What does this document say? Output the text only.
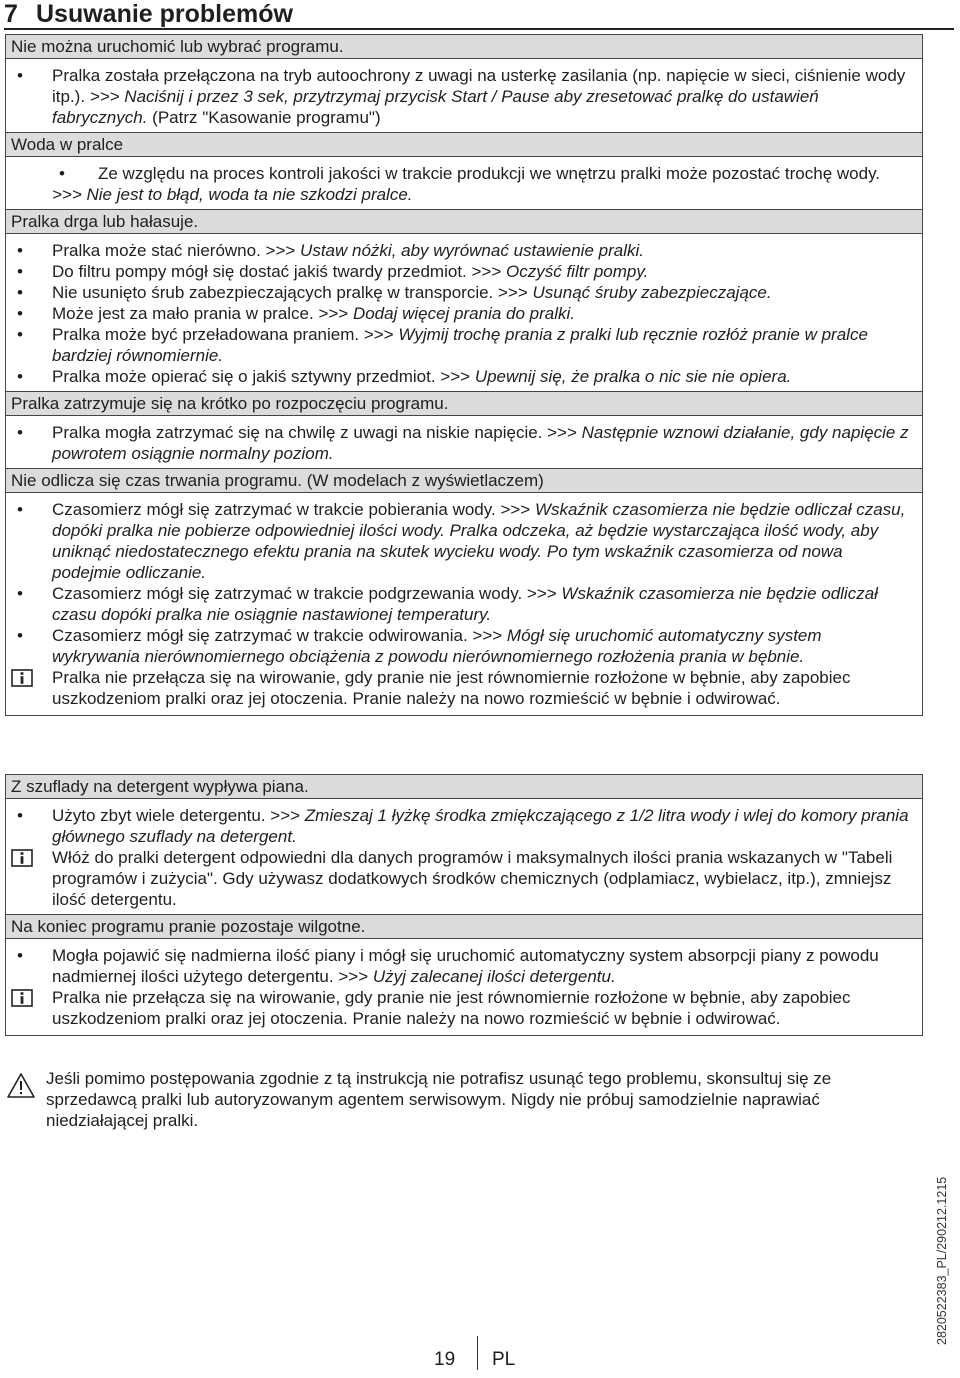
7 Usuwanie problemów
Nie można uruchomić lub wybrać programu.
• Pralka została przełączona na tryb autoochrony z uwagi na usterkę zasilania (np. napięcie w sieci, ciśnienie wody itp.). >>> Naciśnij i przez 3 sek, przytrzymaj przycisk Start / Pause aby zresetować pralkę do ustawień fabrycznych. (Patrz "Kasowanie programu")
Woda w pralce
• Ze względu na proces kontroli jakości w trakcie produkcji we wnętrzu pralki może pozostać trochę wody. >>> Nie jest to błąd, woda ta nie szkodzi pralce.
Pralka drga lub hałasuje.
• Pralka może stać nierówno. >>> Ustaw nóżki, aby wyrównać ustawienie pralki.
• Do filtru pompy mógł się dostać jakiś twardy przedmiot. >>> Oczyść filtr pompy.
• Nie usunięto śrub zabezpieczających pralkę w transporcie. >>> Usunąć śruby zabezpieczające.
• Może jest za mało prania w pralce. >>> Dodaj więcej prania do pralki.
• Pralka może być przeładowana praniem. >>> Wyjmij trochę prania z pralki lub ręcznie rozłóż pranie w pralce bardziej równomiernie.
• Pralka może opierać się o jakiś sztywny przedmiot. >>> Upewnij się, że pralka o nic sie nie opiera.
Pralka zatrzymuje się na krótko po rozpoczęciu programu.
• Pralka mogła zatrzymać się na chwilę z uwagi na niskie napięcie. >>> Następnie wznowi działanie, gdy napięcie z powrotem osiągnie normalny poziom.
Nie odlicza się czas trwania programu. (W modelach z wyświetlaczem)
• Czasomierz mógł się zatrzymać w trakcie pobierania wody. >>> Wskaźnik czasomierza nie będzie odliczał czasu, dopóki pralka nie pobierze odpowiedniej ilości wody. Pralka odczeka, aż będzie wystarczająca ilość wody, aby uniknąć niedostatecznego efektu prania na skutek wycieku wody. Po tym wskaźnik czasomierza od nowa podejmie odliczanie.
• Czasomierz mógł się zatrzymać w trakcie podgrzewania wody. >>> Wskaźnik czasomierza nie będzie odliczał czasu dopóki pralka nie osiągnie nastawionej temperatury.
• Czasomierz mógł się zatrzymać w trakcie odwirowania. >>> Mógł się uruchomić automatyczny system wykrywania nierównomiernego obciążenia z powodu nierównomiernego rozłożenia prania w bębnie.
Pralka nie przełącza się na wirowanie, gdy pranie nie jest równomiernie rozłożone w bębnie, aby zapobiec uszkodzeniom pralki oraz jej otoczenia. Pranie należy na nowo rozmieścić w bębnie i odwirować.
Z szuflady na detergent wypływa piana.
• Użyto zbyt wiele detergentu. >>> Zmieszaj 1 łyżkę środka zmiękczającego z 1/2 litra wody i wlej do komory prania głównego szuflady na detergent.
Włóż do pralki detergent odpowiedni dla danych programów i maksymalnych ilości prania wskazanych w "Tabeli programów i zużycia". Gdy używasz dodatkowych środków chemicznych (odplamiacz, wybielacz, itp.), zmniejsz ilość detergentu.
Na koniec programu pranie pozostaje wilgotne.
• Mogła pojawić się nadmierna ilość piany i mógł się uruchomić automatyczny system absorpcji piany z powodu nadmiernej ilości użytego detergentu. >>> Użyj zalecanej ilości detergentu.
Pralka nie przełącza się na wirowanie, gdy pranie nie jest równomiernie rozłożone w bębnie, aby zapobiec uszkodzeniom pralki oraz jej otoczenia. Pranie należy na nowo rozmieścić w bębnie i odwirować.
Jeśli pomimo postępowania zgodnie z tą instrukcją nie potrafisz usunąć tego problemu, skonsultuj się ze sprzedawcą pralki lub autoryzowanym agentem serwisowym. Nigdy nie próbuj samodzielnie naprawiać niedziałającej pralki.
19 PL
2820522383_PL/290212.1215
